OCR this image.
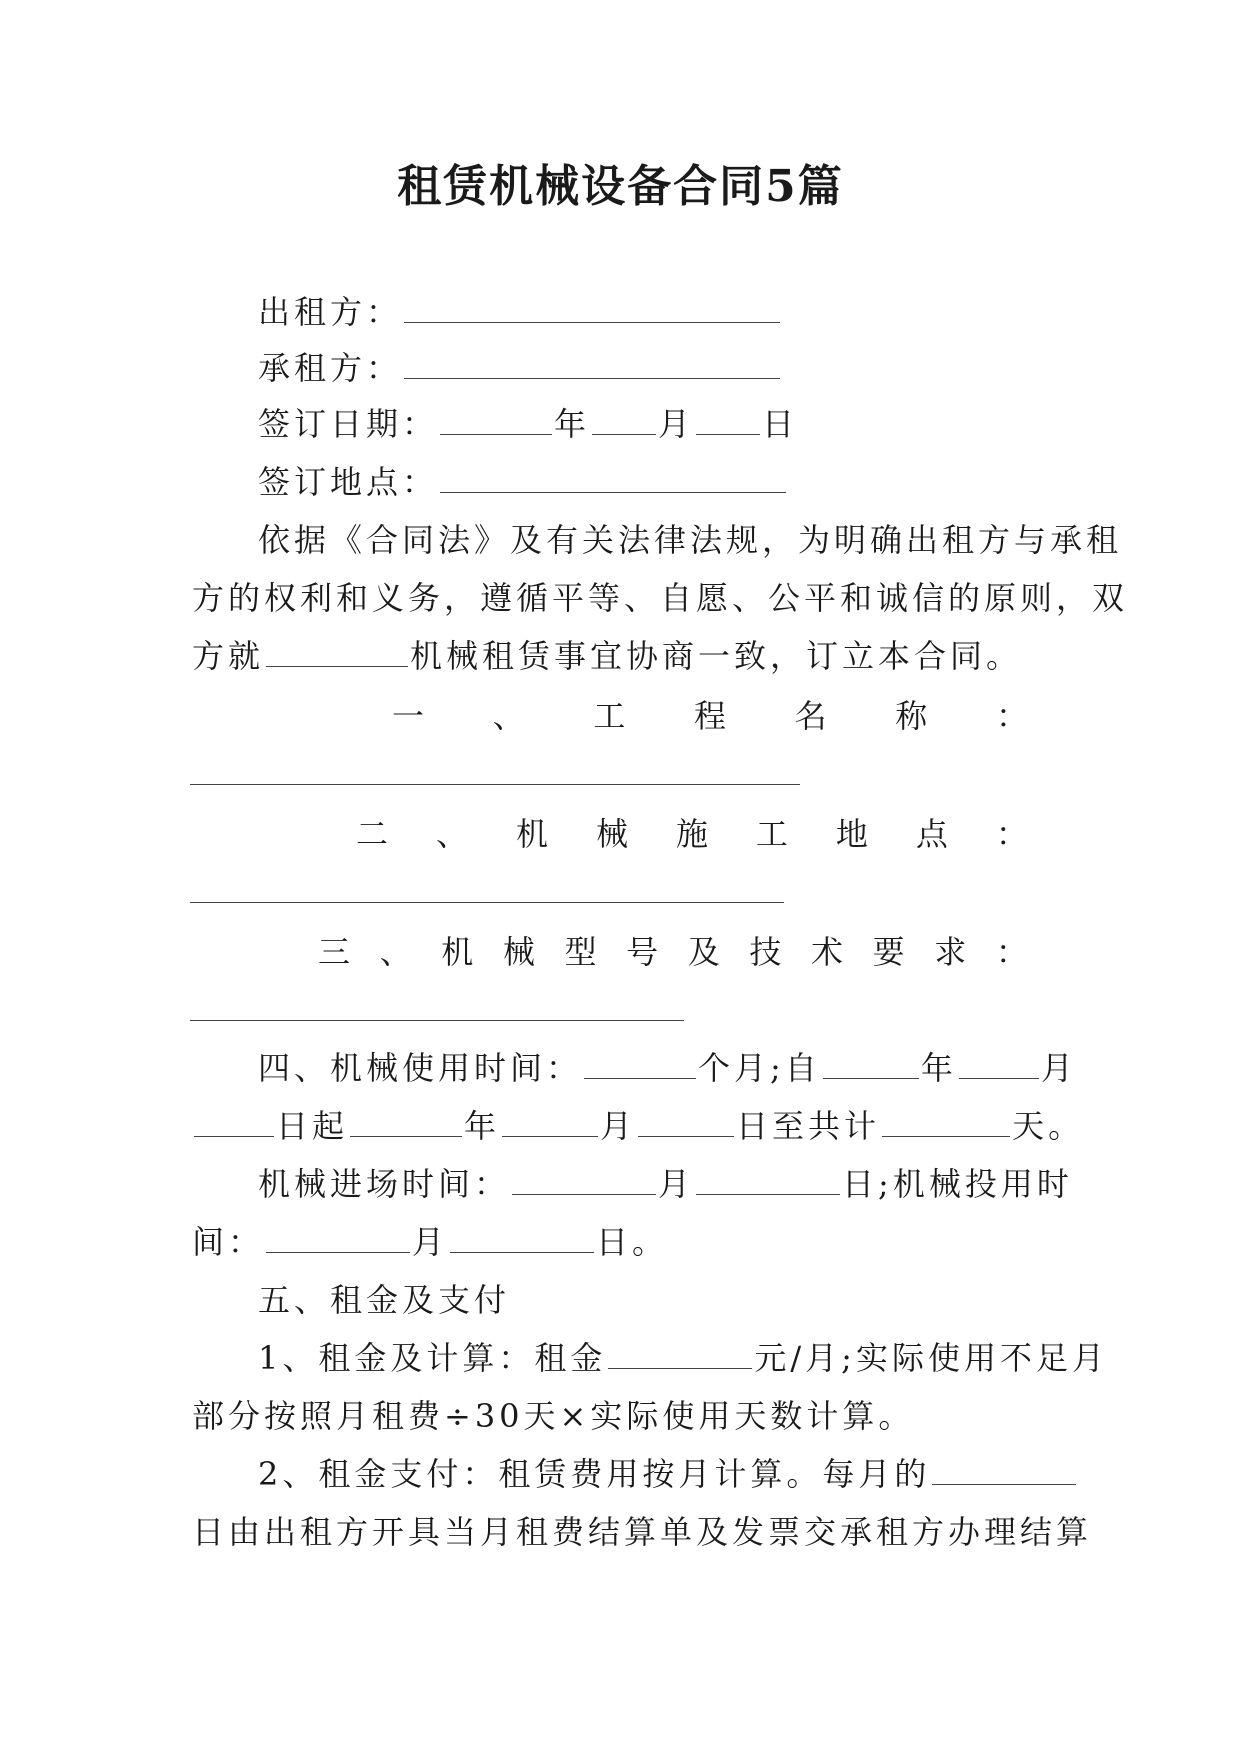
租赁机械设备合同5篇
出租方：
承租方：
签订日期：	年 月 日
签订地点：
依据《合同法》及有关法律法规，为明确出租方与承租
方的权利和义务，遵循平等、自愿、公平和诚信的原则，双
方就	机械租赁事宜协商一致，订立本合同。
一 、 工 程 名 称 ：
二 、 机 械 施 工 地 点 ：
三 、 机 械 型 号 及 技 术 要 求 ：
四、机械使用时间：	个月;自	年	月
日起	年	月	日至共计	天。
机械进场时间：	月	日;机械投用时
间：	月	日。
五、租金及支付
1、租金及计算：租金	元/月;实际使用不足月
部分按照月租费÷30天×实际使用天数计算。
2、租金支付：租赁费用按月计算。每月的
日由出租方开具当月租费结算单及发票交承租方办理结算
